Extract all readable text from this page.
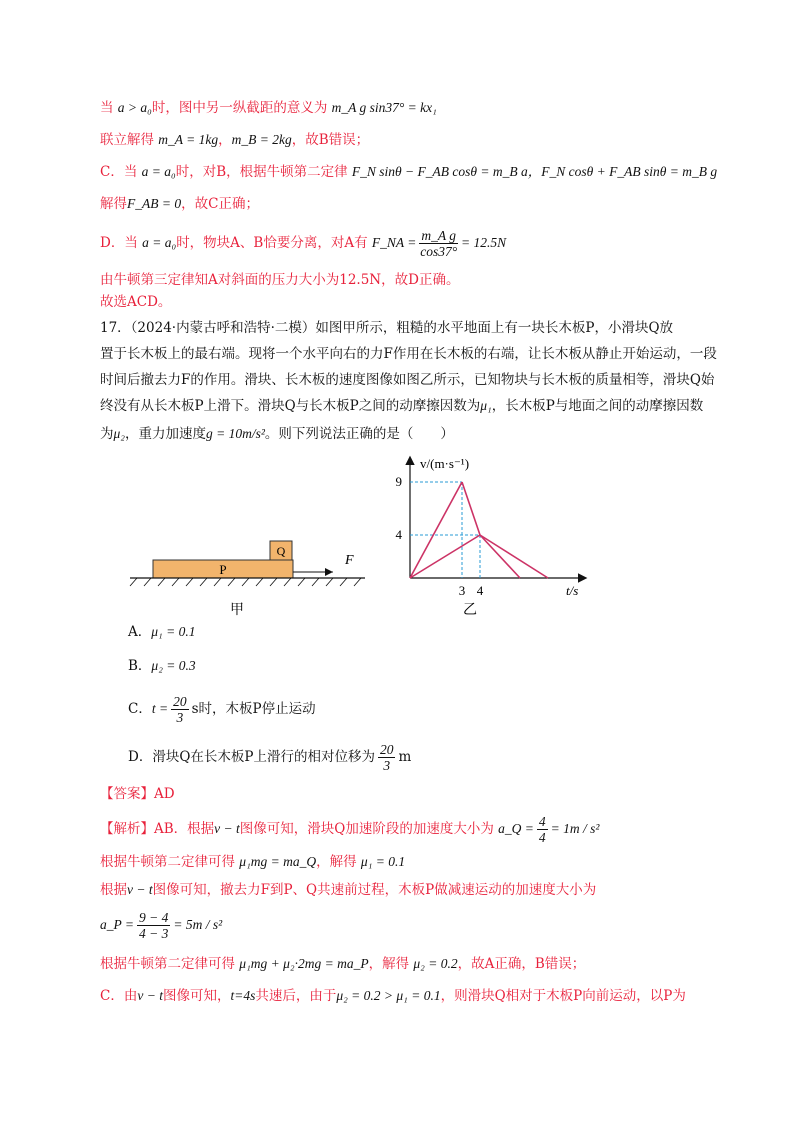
当 a > a₀时，图中另一纵截距的意义为 m_A g sin37° = kx₁
联立解得 m_A = 1kg，m_B = 2kg，故B错误；
C．当 a = a₀时，对B，根据牛顿第二定律 F_N sinθ − F_AB cosθ = m_B a，F_N cosθ + F_AB sinθ = m_B g
解得F_AB = 0，故C正确；
D．当 a = a₀时，物块A、B恰要分离，对A有 F_NA = $\frac{\text{m\_A g}}{\cos 37^\circ} = 12.5N$
由牛顿第三定律知A对斜面的压力大小为12.5N，故D正确。
故选ACD。
17．（2024·内蒙古呼和浩特·二模）如图甲所示，粗糙的水平地面上有一块长木板P，小滑块Q放
置于长木板上的最右端。现将一个水平向右的力F作用在长木板的右端，让长木板从静止开始运动，一段
时间后撤去力F的作用。滑块、长木板的速度图像如图乙所示，已知物块与长木板的质量相等，滑块Q始
终没有从长木板P上滑下。滑块Q与长木板P之间的动摩擦因数为μ₁，长木板P与地面之间的动摩擦因数
为μ₂，重力加速度g = 10m/s²。则下列说法正确的是（　　）
P
Q
F
甲
v/(m·s⁻¹)
t/s
9
4
3 4
乙
A．μ₁ = 0.1
B．μ₂ = 0.3
C．$t = \frac{20}{3}$ s时，木板P停止运动
D．滑块Q在长木板P上滑行的相对位移为 $\frac{20}{3}$ m
【答案】AD
【解析】AB．根据v − t图像可知，滑块Q加速阶段的加速度大小为 a_Q = $\frac{4}{4} = 1m / s^2$
根据牛顿第二定律可得 μ₁mg = ma_Q，解得 μ₁ = 0.1
根据v − t图像可知，撤去力F到P、Q共速前过程，木板P做减速运动的加速度大小为
a_P = $\frac{9 - 4}{4 - 3} = 5m / s^2$
根据牛顿第二定律可得 μ₁mg + μ₂·2mg = ma_P，解得 μ₂ = 0.2，故A正确，B错误；
C．由v − t图像可知，t=4s共速后，由于μ₂ = 0.2 > μ₁ = 0.1，则滑块Q相对于木板P向前运动，以P为
